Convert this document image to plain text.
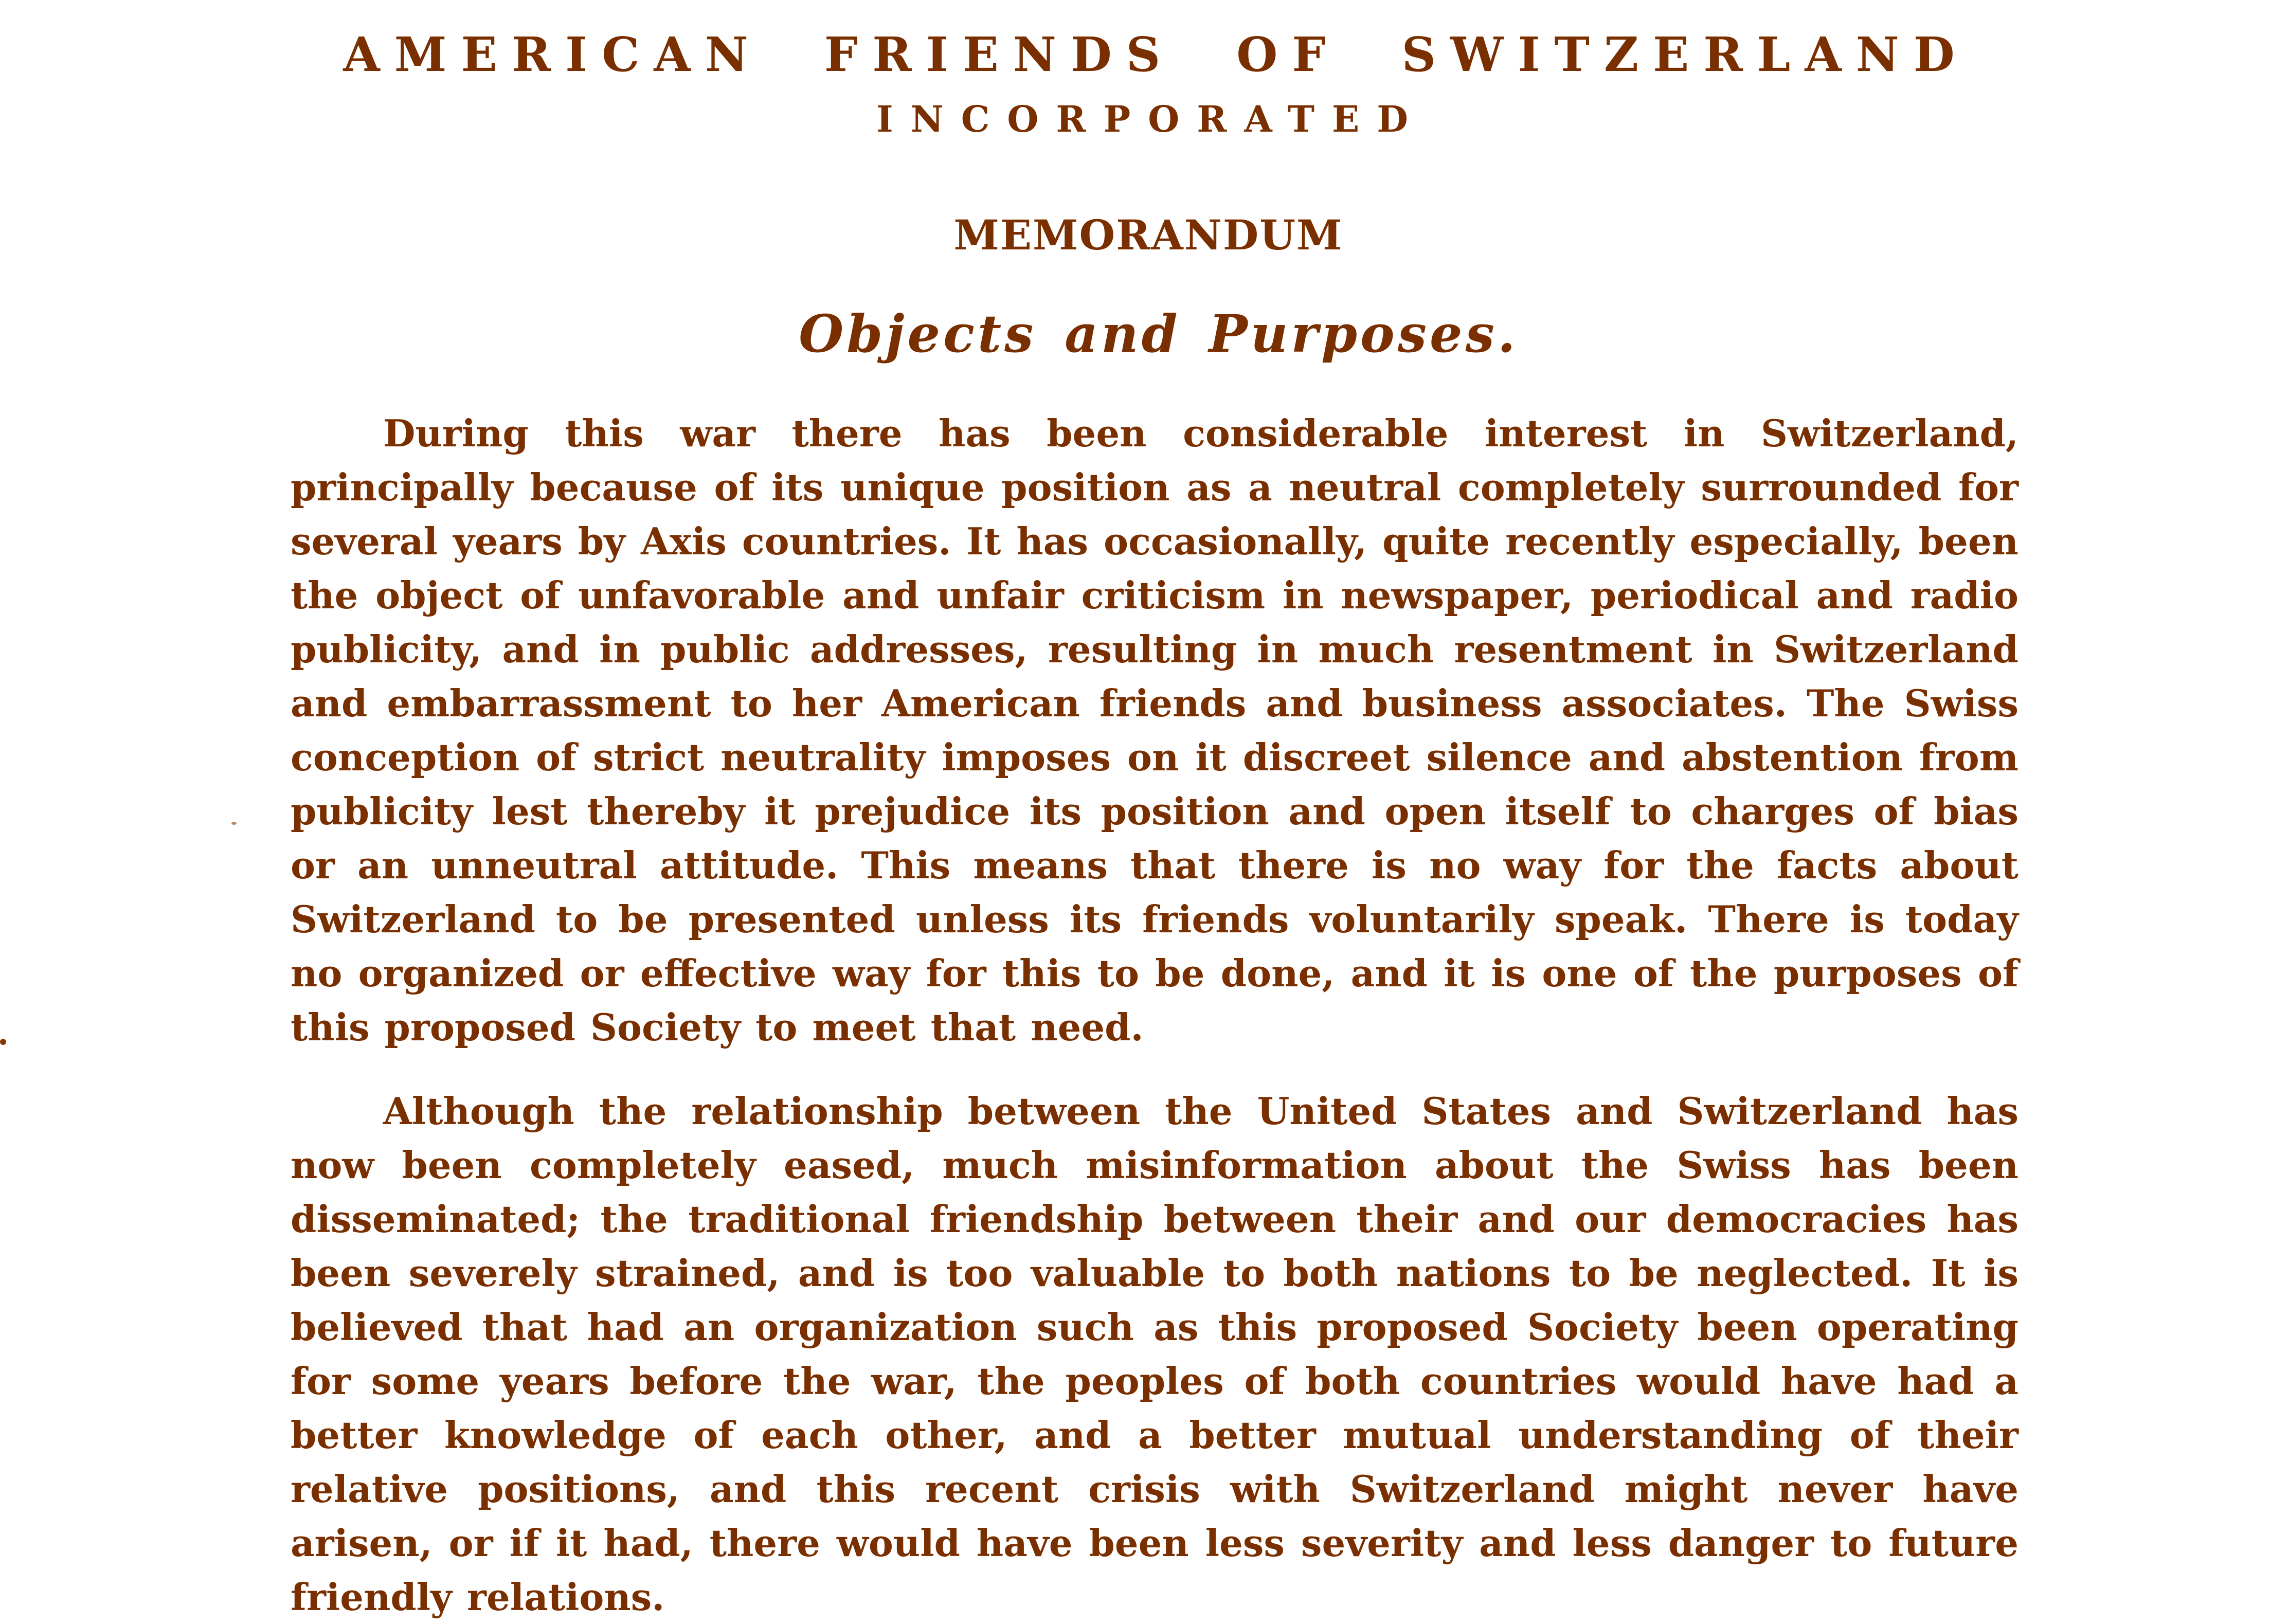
AMERICAN FRIENDS OF SWITZERLAND
INCORPORATED
MEMORANDUM
Objects and Purposes.

During this war there has been considerable interest in Switzerland, principally because of its unique position as a neutral completely surrounded for several years by Axis countries. It has occasionally, quite recently especially, been the object of unfavorable and unfair criticism in newspaper, periodical and radio publicity, and in public addresses, resulting in much resentment in Switzerland and embarrassment to her American friends and business associates. The Swiss conception of strict neutrality imposes on it discreet silence and abstention from publicity lest thereby it prejudice its position and open itself to charges of bias or an unneutral attitude. This means that there is no way for the facts about Switzerland to be presented unless its friends voluntarily speak. There is today no organized or effective way for this to be done, and it is one of the purposes of this proposed Society to meet that need.

Although the relationship between the United States and Switzerland has now been completely eased, much misinformation about the Swiss has been disseminated; the traditional friendship between their and our democracies has been severely strained, and is too valuable to both nations to be neglected. It is believed that had an organization such as this proposed Society been operating for some years before the war, the peoples of both countries would have had a better knowledge of each other, and a better mutual understanding of their relative positions, and this recent crisis with Switzerland might never have arisen, or if it had, there would have been less severity and less danger to future friendly relations.
